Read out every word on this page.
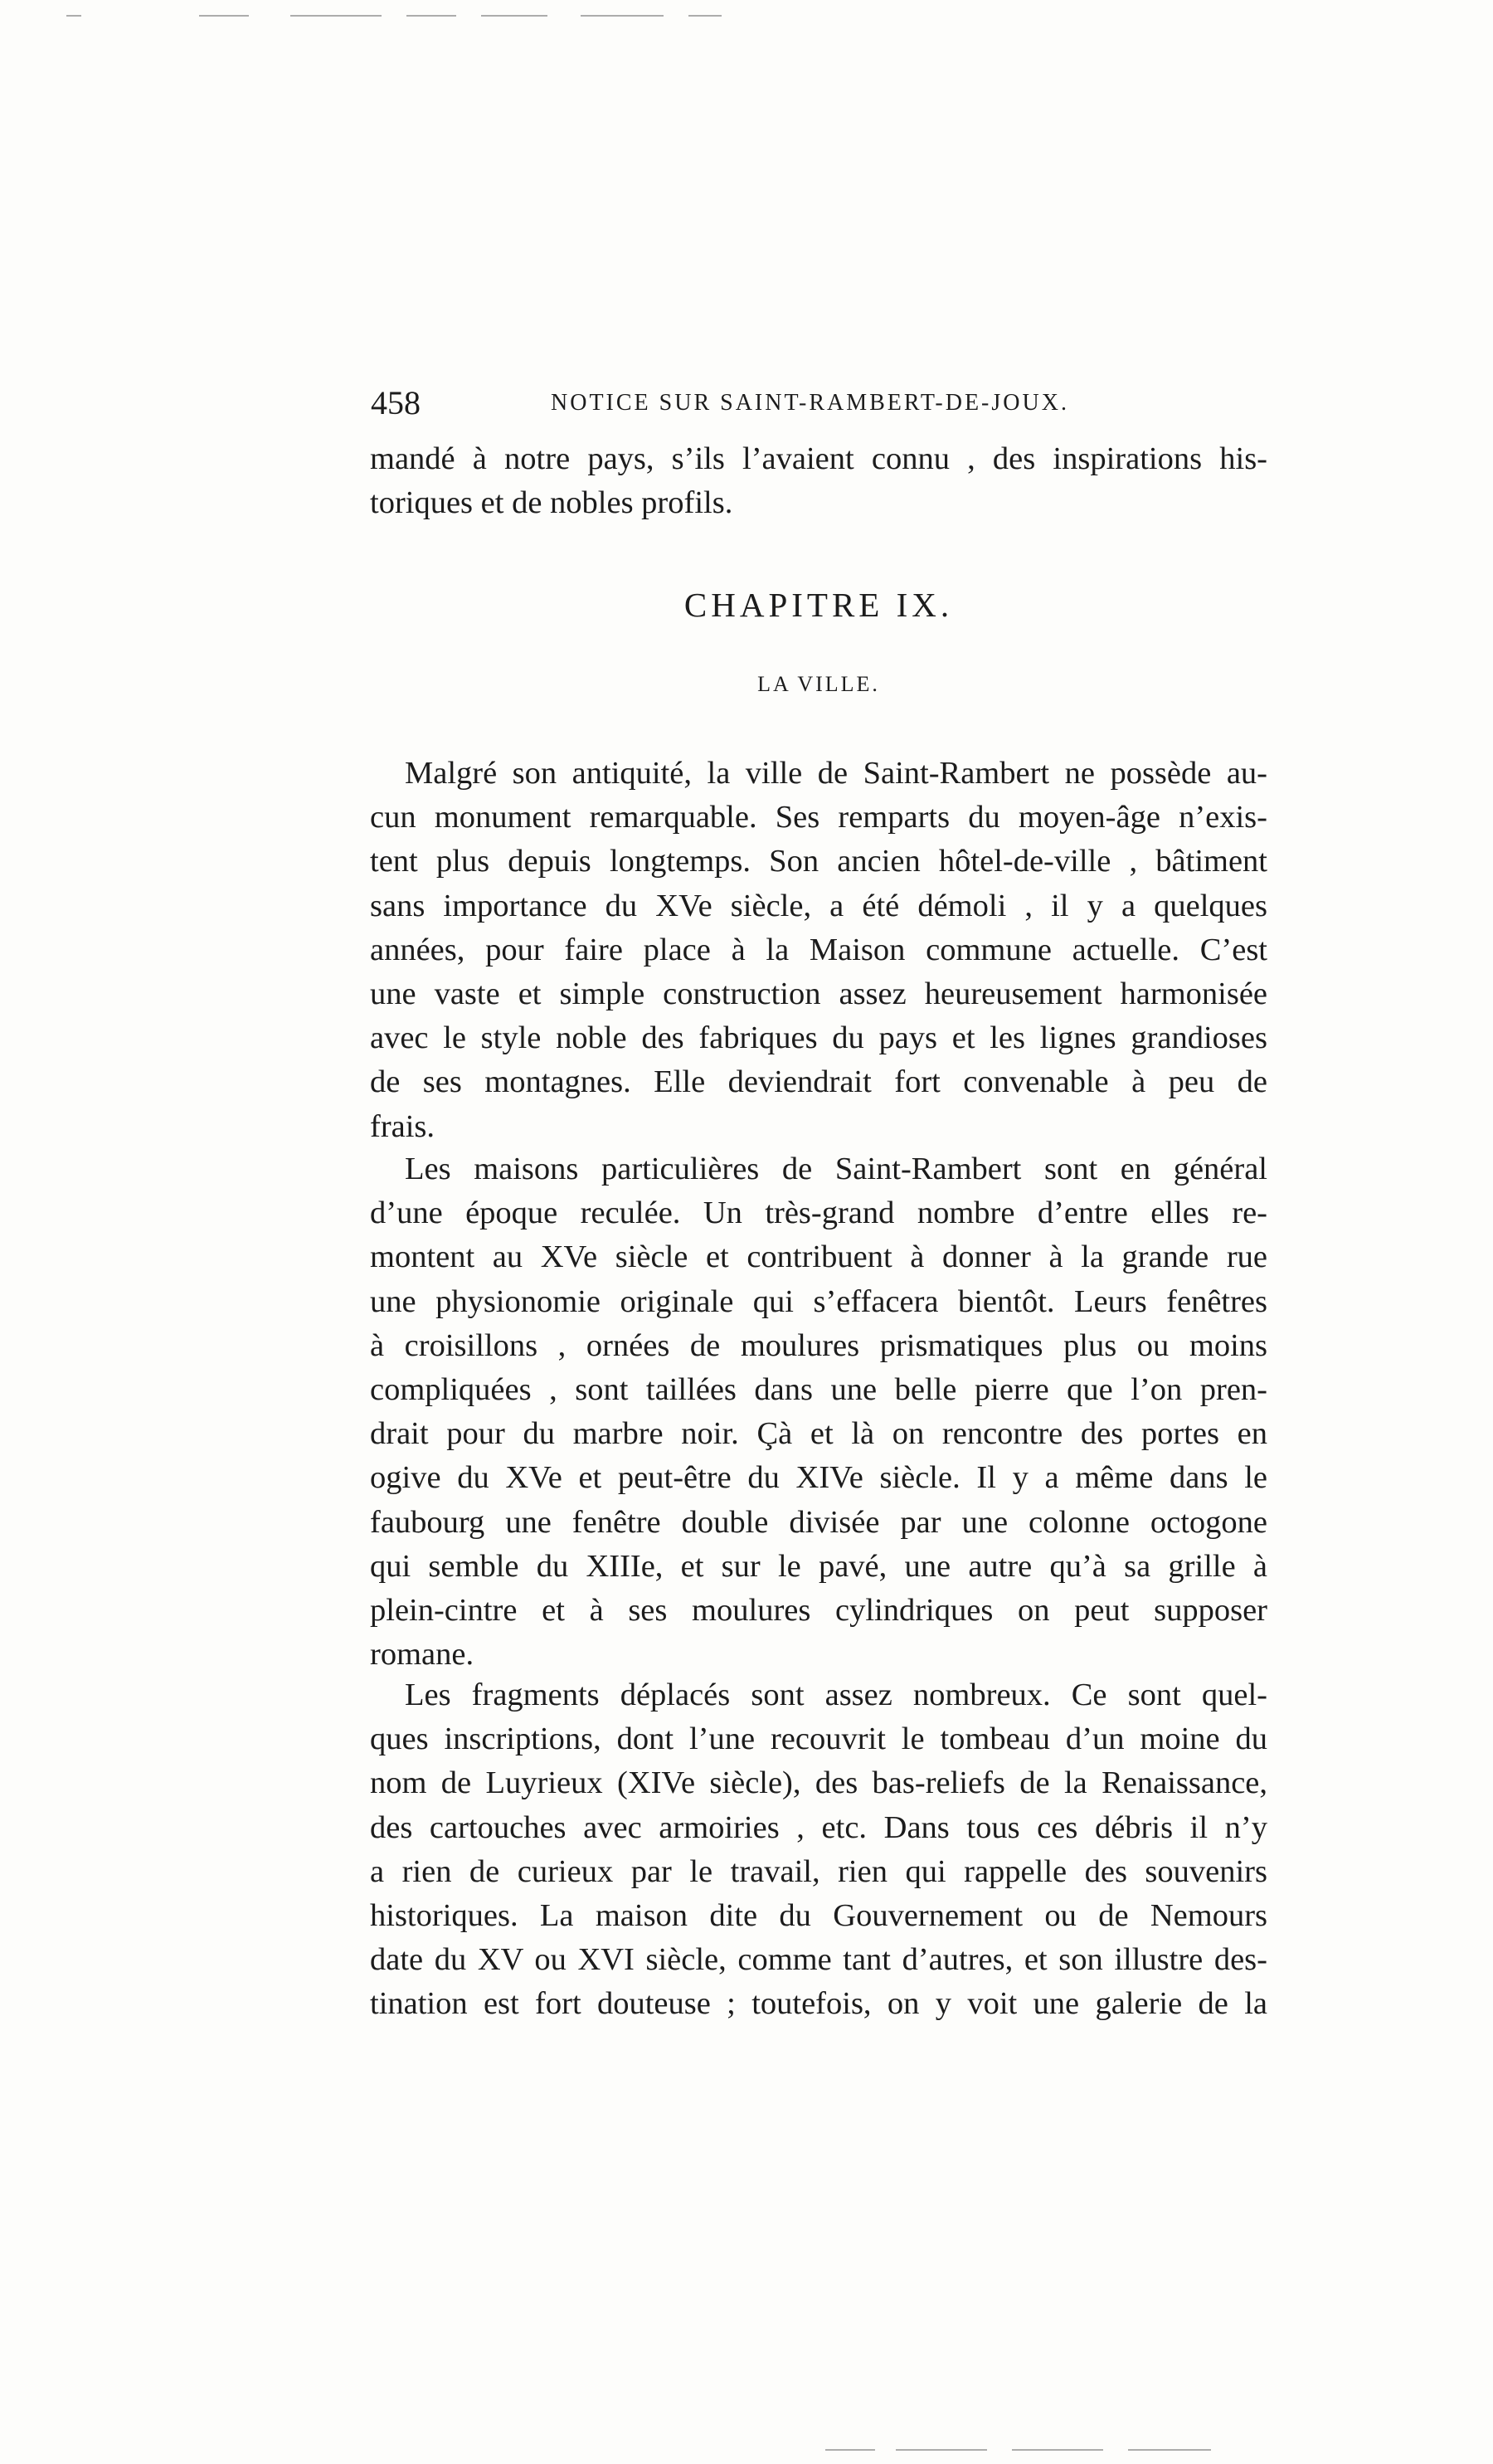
458	NOTICE SUR SAINT-RAMBERT-DE-JOUX.
mandé à notre pays, s’ils l’avaient connu , des inspirations his-
toriques et de nobles profils.
CHAPITRE IX.
LA VILLE.
Malgré son antiquité, la ville de Saint-Rambert ne possède au-
cun monument remarquable. Ses remparts du moyen-âge n’exis-
tent plus depuis longtemps. Son ancien hôtel-de-ville , bâtiment
sans importance du XVe siècle, a été démoli , il y a quelques
années, pour faire place à la Maison commune actuelle. C’est
une vaste et simple construction assez heureusement harmonisée
avec le style noble des fabriques du pays et les lignes grandioses
de ses montagnes. Elle deviendrait fort convenable à peu de
frais.
Les maisons particulières de Saint-Rambert sont en général
d’une époque reculée. Un très-grand nombre d’entre elles re-
montent au XVe siècle et contribuent à donner à la grande rue
une physionomie originale qui s’effacera bientôt. Leurs fenêtres
à croisillons , ornées de moulures prismatiques plus ou moins
compliquées , sont taillées dans une belle pierre que l’on pren-
drait pour du marbre noir. Çà et là on rencontre des portes en
ogive du XVe et peut-être du XIVe siècle. Il y a même dans le
faubourg une fenêtre double divisée par une colonne octogone
qui semble du XIIIe, et sur le pavé, une autre qu’à sa grille à
plein-cintre et à ses moulures cylindriques on peut supposer
romane.
Les fragments déplacés sont assez nombreux. Ce sont quel-
ques inscriptions, dont l’une recouvrit le tombeau d’un moine du
nom de Luyrieux (XIVe siècle), des bas-reliefs de la Renaissance,
des cartouches avec armoiries , etc. Dans tous ces débris il n’y
a rien de curieux par le travail, rien qui rappelle des souvenirs
historiques. La maison dite du Gouvernement ou de Nemours
date du XV ou XVI siècle, comme tant d’autres, et son illustre des-
tination est fort douteuse ; toutefois, on y voit une galerie de la
